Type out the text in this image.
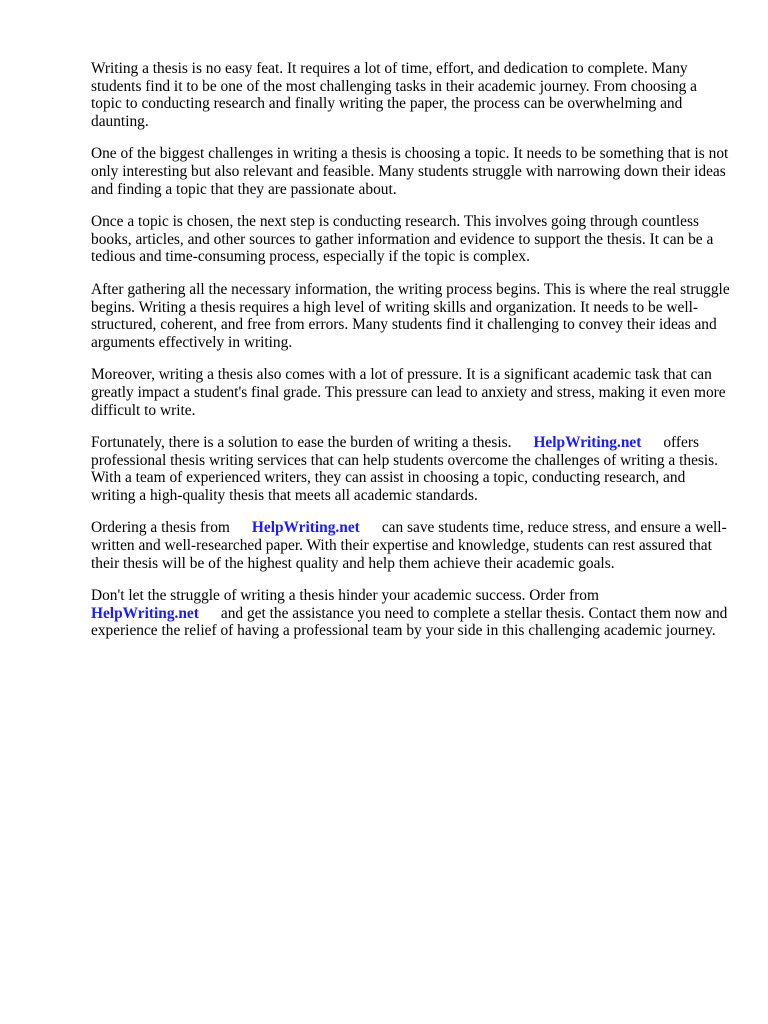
Writing a thesis is no easy feat. It requires a lot of time, effort, and dedication to complete. Many students find it to be one of the most challenging tasks in their academic journey. From choosing a topic to conducting research and finally writing the paper, the process can be overwhelming and daunting.

One of the biggest challenges in writing a thesis is choosing a topic. It needs to be something that is not only interesting but also relevant and feasible. Many students struggle with narrowing down their ideas and finding a topic that they are passionate about.

Once a topic is chosen, the next step is conducting research. This involves going through countless books, articles, and other sources to gather information and evidence to support the thesis. It can be a tedious and time-consuming process, especially if the topic is complex.

After gathering all the necessary information, the writing process begins. This is where the real struggle begins. Writing a thesis requires a high level of writing skills and organization. It needs to be well-structured, coherent, and free from errors. Many students find it challenging to convey their ideas and arguments effectively in writing.

Moreover, writing a thesis also comes with a lot of pressure. It is a significant academic task that can greatly impact a student's final grade. This pressure can lead to anxiety and stress, making it even more difficult to write.

Fortunately, there is a solution to ease the burden of writing a thesis. HelpWriting.net offers professional thesis writing services that can help students overcome the challenges of writing a thesis. With a team of experienced writers, they can assist in choosing a topic, conducting research, and writing a high-quality thesis that meets all academic standards.

Ordering a thesis from HelpWriting.net can save students time, reduce stress, and ensure a well-written and well-researched paper. With their expertise and knowledge, students can rest assured that their thesis will be of the highest quality and help them achieve their academic goals.

Don't let the struggle of writing a thesis hinder your academic success. Order from HelpWriting.net and get the assistance you need to complete a stellar thesis. Contact them now and experience the relief of having a professional team by your side in this challenging academic journey.
